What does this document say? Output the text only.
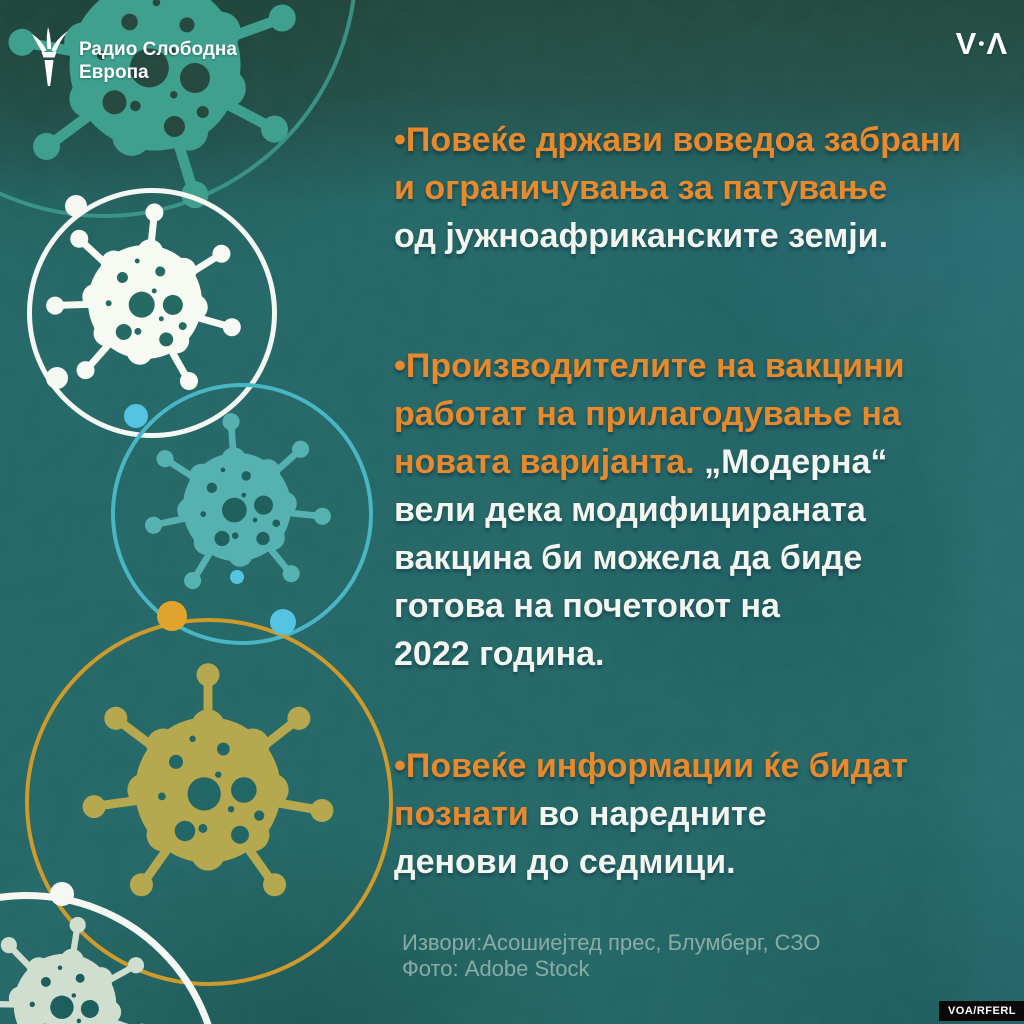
Радио Слободна
Европа
V•Λ
•Повеќе држави воведоа забрани
и ограничувања за патување
од јужноафриканските земји.
•Производителите на вакцини
работат на прилагодување на
новата варијанта. „Модерна“
вели дека модифицираната
вакцина би можела да биде
готова на почетокот на
2022 година.
•Повеќе информации ќе бидат
познати во наредните
денови до седмици.
Извори:Асошиејтед прес, Блумберг, СЗО
Фото: Adobe Stock
VOA/RFERL
